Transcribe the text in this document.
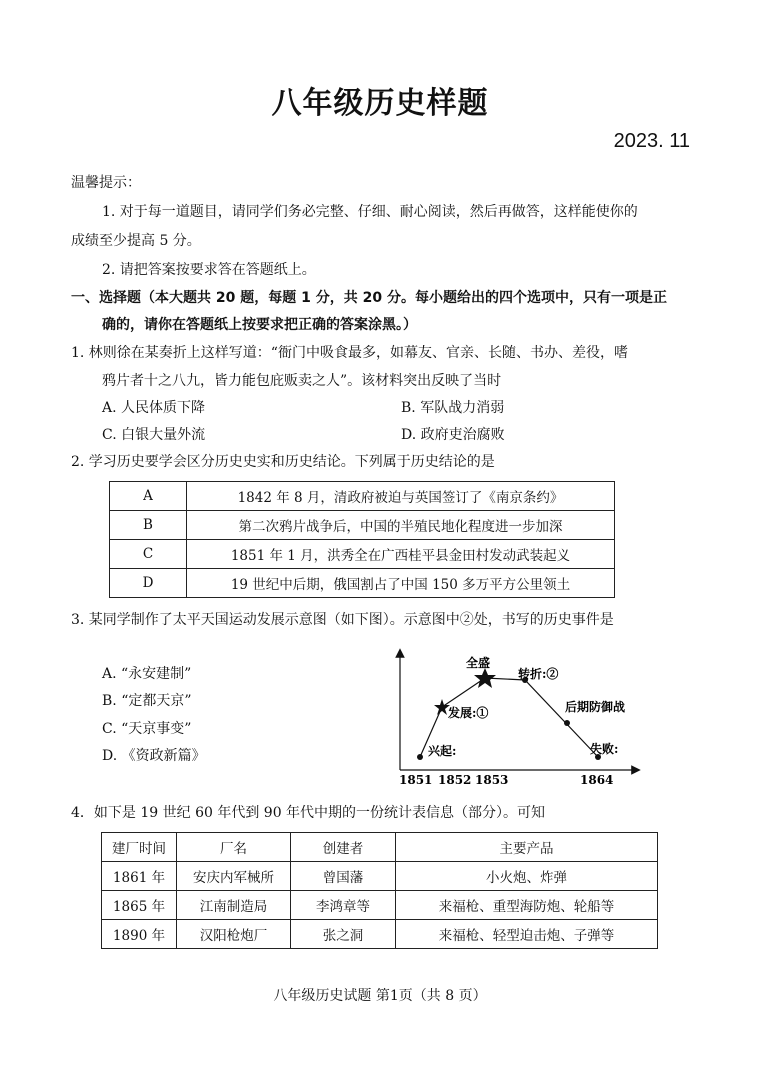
八年级历史样题
2023. 11
温馨提示：
1. 对于每一道题目，请同学们务必完整、仔细、耐心阅读，然后再做答，这样能使你的
成绩至少提高 5 分。
2. 请把答案按要求答在答题纸上。
一、选择题（本大题共 20 题，每题 1 分，共 20 分。每小题给出的四个选项中，只有一项是正
确的，请你在答题纸上按要求把正确的答案涂黑。）
1. 林则徐在某奏折上这样写道：“衙门中吸食最多，如幕友、官亲、长随、书办、差役，嗜
鸦片者十之八九，皆力能包庇贩卖之人”。该材料突出反映了当时
A. 人民体质下降	B. 军队战力消弱
C. 白银大量外流	D. 政府吏治腐败
2. 学习历史要学会区分历史史实和历史结论。下列属于历史结论的是
A	1842 年 8 月，清政府被迫与英国签订了《南京条约》
B	第二次鸦片战争后，中国的半殖民地化程度进一步加深
C	1851 年 1 月，洪秀全在广西桂平县金田村发动武装起义
D	19 世纪中后期，俄国割占了中国 150 多万平方公里领土
3. 某同学制作了太平天国运动发展示意图（如下图）。示意图中②处，书写的历史事件是
A. “永安建制”
B. “定都天京”
C. “天京事变”
D. 《资政新篇》
全盛
转折:②
发展:①	后期防御战
兴起:	失败:
1851 1852 1853	1864
4．如下是 19 世纪 60 年代到 90 年代中期的一份统计表信息（部分）。可知
建厂时间	厂名	创建者	主要产品
1861 年	安庆内军械所	曾国藩	小火炮、炸弹
1865 年	江南制造局	李鸿章等	来福枪、重型海防炮、轮船等
1890 年	汉阳枪炮厂	张之洞	来福枪、轻型迫击炮、子弹等
八年级历史试题 第1页（共 8 页）
